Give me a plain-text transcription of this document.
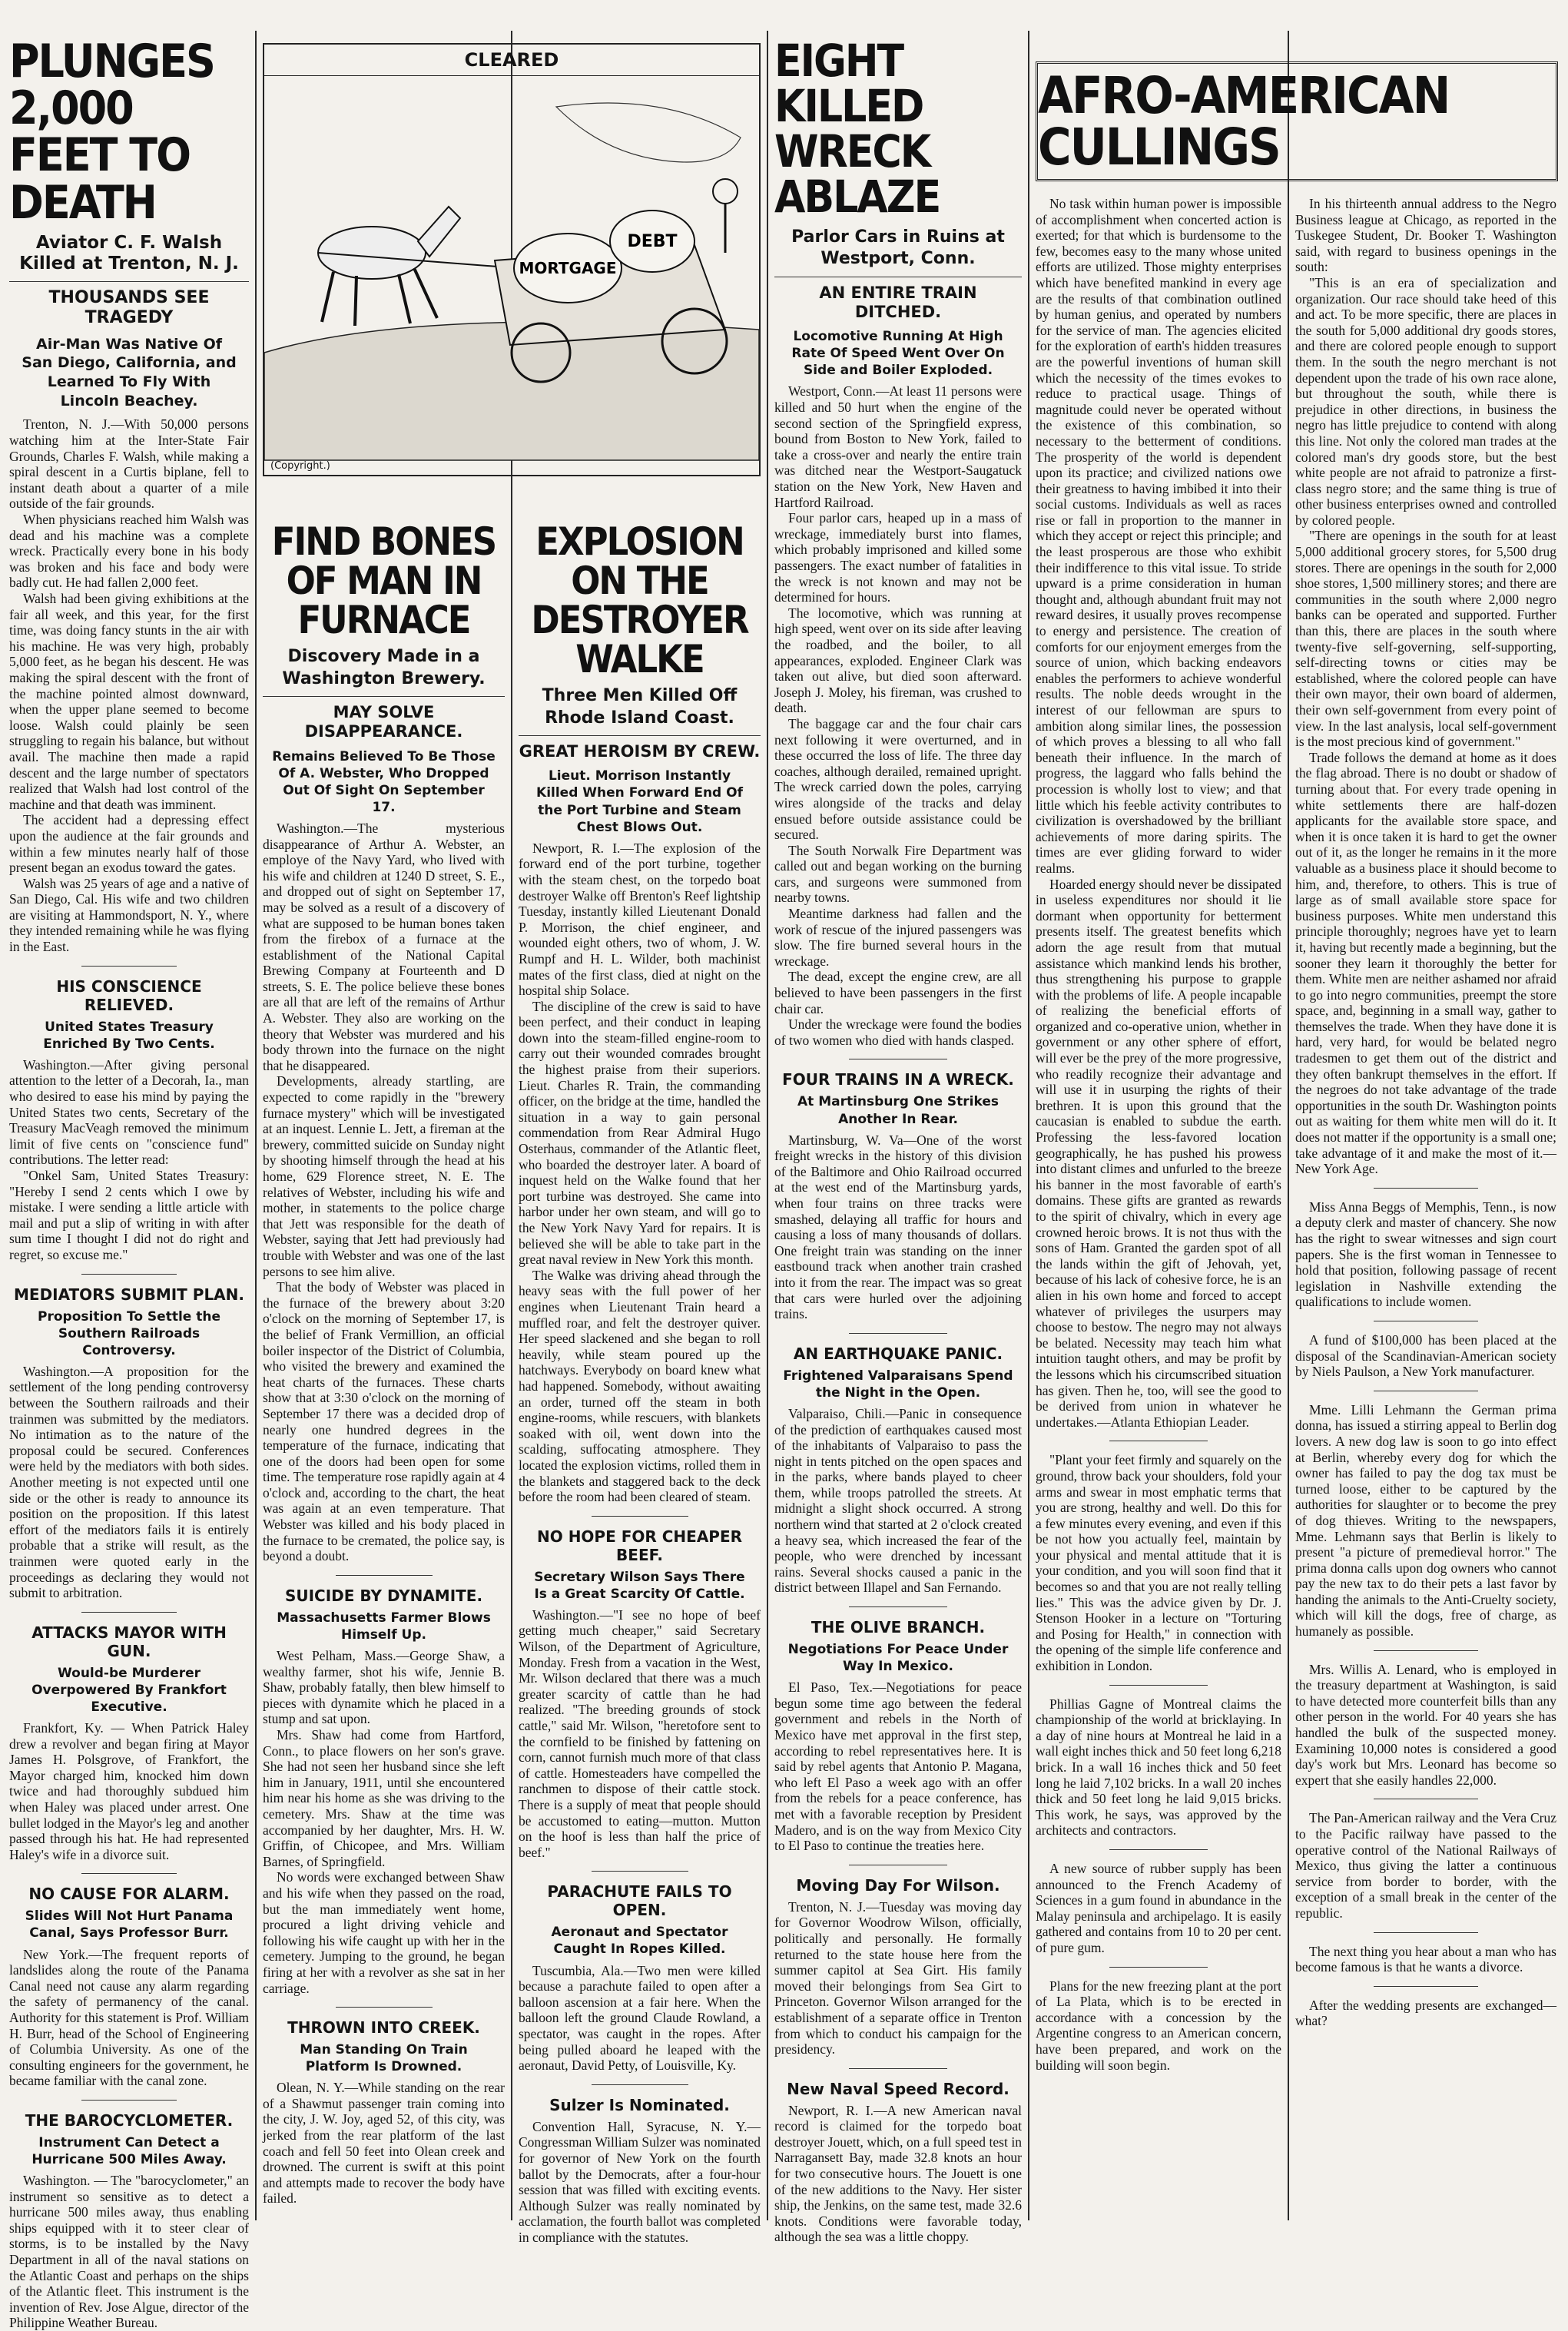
PLUNGES 2,000 FEET TO DEATH
Aviator C. F. Walsh Killed at Trenton, N. J.
THOUSANDS SEE TRAGEDY
Air-Man Was Native Of San Diego, California, and Learned To Fly With Lincoln Beachey.

Trenton, N. J.—With 50,000 persons watching him at the Inter-State Fair Grounds, Charles F. Walsh, while making a spiral descent in a Curtis biplane, fell to instant death about a quarter of a mile outside of the fair grounds.

When physicians reached him Walsh was dead and his machine was a complete wreck. Practically every bone in his body was broken and his face and body were badly cut. He had fallen 2,000 feet.

Walsh had been giving exhibitions at the fair all week, and this year, for the first time, was doing fancy stunts in the air with his machine. He was very high, probably 5,000 feet, as he began his descent. He was making the spiral descent with the front of the machine pointed almost downward, when the upper plane seemed to become loose. Walsh could plainly be seen struggling to regain his balance, but without avail. The machine then made a rapid descent and the large number of spectators realized that Walsh had lost control of the machine and that death was imminent.

The accident had a depressing effect upon the audience at the fair grounds and within a few minutes nearly half of those present began an exodus toward the gates.

Walsh was 25 years of age and a native of San Diego, Cal. His wife and two children are visiting at Hammondsport, N. Y., where they intended remaining while he was flying in the East.

HIS CONSCIENCE RELIEVED.
United States Treasury Enriched By Two Cents.

Washington.—After giving personal attention to the letter of a Decorah, Ia., man who desired to ease his mind by paying the United States two cents, Secretary of the Treasury MacVeagh removed the minimum limit of five cents on "conscience fund" contributions. The letter read:

"Onkel Sam, United States Treasury: "Hereby I send 2 cents which I owe by mistake. I were sending a little article with mail and put a slip of writing in with after sum time I thought I did not do right and regret, so excuse me."

MEDIATORS SUBMIT PLAN.
Proposition To Settle the Southern Railroads Controversy.

Washington.—A proposition for the settlement of the long pending controversy between the Southern railroads and their trainmen was submitted by the mediators. No intimation as to the nature of the proposal could be secured. Conferences were held by the mediators with both sides. Another meeting is not expected until one side or the other is ready to announce its position on the proposition. If this latest effort of the mediators fails it is entirely probable that a strike will result, as the trainmen were quoted early in the proceedings as declaring they would not submit to arbitration.

ATTACKS MAYOR WITH GUN.
Would-be Murderer Overpowered By Frankfort Executive.

Frankfort, Ky. — When Patrick Haley drew a revolver and began firing at Mayor James H. Polsgrove, of Frankfort, the Mayor charged him, knocked him down twice and had thoroughly subdued him when Haley was placed under arrest. One bullet lodged in the Mayor's leg and another passed through his hat. He had represented Haley's wife in a divorce suit.

NO CAUSE FOR ALARM.
Slides Will Not Hurt Panama Canal, Says Professor Burr.

New York.—The frequent reports of landslides along the route of the Panama Canal need not cause any alarm regarding the safety of permanency of the canal. Authority for this statement is Prof. William H. Burr, head of the School of Engineering of Columbia University. As one of the consulting engineers for the government, he became familiar with the canal zone.

THE BAROCYCLOMETER.
Instrument Can Detect a Hurricane 500 Miles Away.

Washington. — The "barocyclometer," an instrument so sensitive as to detect a hurricane 500 miles away, thus enabling ships equipped with it to steer clear of storms, is to be installed by the Navy Department in all of the naval stations on the Atlantic Coast and perhaps on the ships of the Atlantic fleet. This instrument is the invention of Rev. Jose Algue, director of the Philippine Weather Bureau.

CLEARED
MORTGAGE
DEBT
(Copyright.)
FIND BONES OF MAN IN FURNACE
Discovery Made in a Washington Brewery.
MAY SOLVE DISAPPEARANCE.
Remains Believed To Be Those Of A. Webster, Who Dropped Out Of Sight On September 17.

Washington.—The mysterious disappearance of Arthur A. Webster, an employe of the Navy Yard, who lived with his wife and children at 1240 D street, S. E., and dropped out of sight on September 17, may be solved as a result of a discovery of what are supposed to be human bones taken from the firebox of a furnace at the establishment of the National Capital Brewing Company at Fourteenth and D streets, S. E. The police believe these bones are all that are left of the remains of Arthur A. Webster. They also are working on the theory that Webster was murdered and his body thrown into the furnace on the night that he disappeared.

Developments, already startling, are expected to come rapidly in the "brewery furnace mystery" which will be investigated at an inquest. Lennie L. Jett, a fireman at the brewery, committed suicide on Sunday night by shooting himself through the head at his home, 629 Florence street, N. E. The relatives of Webster, including his wife and mother, in statements to the police charge that Jett was responsible for the death of Webster, saying that Jett had previously had trouble with Webster and was one of the last persons to see him alive.

That the body of Webster was placed in the furnace of the brewery about 3:20 o'clock on the morning of September 17, is the belief of Frank Vermillion, an official boiler inspector of the District of Columbia, who visited the brewery and examined the heat charts of the furnaces. These charts show that at 3:30 o'clock on the morning of September 17 there was a decided drop of nearly one hundred degrees in the temperature of the furnace, indicating that one of the doors had been open for some time. The temperature rose rapidly again at 4 o'clock and, according to the chart, the heat was again at an even temperature. That Webster was killed and his body placed in the furnace to be cremated, the police say, is beyond a doubt.

SUICIDE BY DYNAMITE.
Massachusetts Farmer Blows Himself Up.

West Pelham, Mass.—George Shaw, a wealthy farmer, shot his wife, Jennie B. Shaw, probably fatally, then blew himself to pieces with dynamite which he placed in a stump and sat upon.

Mrs. Shaw had come from Hartford, Conn., to place flowers on her son's grave. She had not seen her husband since she left him in January, 1911, until she encountered him near his home as she was driving to the cemetery. Mrs. Shaw at the time was accompanied by her daughter, Mrs. H. W. Griffin, of Chicopee, and Mrs. William Barnes, of Springfield.

No words were exchanged between Shaw and his wife when they passed on the road, but the man immediately went home, procured a light driving vehicle and following his wife caught up with her in the cemetery. Jumping to the ground, he began firing at her with a revolver as she sat in her carriage.

THROWN INTO CREEK.
Man Standing On Train Platform Is Drowned.

Olean, N. Y.—While standing on the rear of a Shawmut passenger train coming into the city, J. W. Joy, aged 52, of this city, was jerked from the rear platform of the last coach and fell 50 feet into Olean creek and drowned. The current is swift at this point and attempts made to recover the body have failed.

EXPLOSION ON THE DESTROYER WALKE
Three Men Killed Off Rhode Island Coast.
GREAT HEROISM BY CREW.
Lieut. Morrison Instantly Killed When Forward End Of the Port Turbine and Steam Chest Blows Out.

Newport, R. I.—The explosion of the forward end of the port turbine, together with the steam chest, on the torpedo boat destroyer Walke off Brenton's Reef lightship Tuesday, instantly killed Lieutenant Donald P. Morrison, the chief engineer, and wounded eight others, two of whom, J. W. Rumpf and H. L. Wilder, both machinist mates of the first class, died at night on the hospital ship Solace.

The discipline of the crew is said to have been perfect, and their conduct in leaping down into the steam-filled engine-room to carry out their wounded comrades brought the highest praise from their superiors. Lieut. Charles R. Train, the commanding officer, on the bridge at the time, handled the situation in a way to gain personal commendation from Rear Admiral Hugo Osterhaus, commander of the Atlantic fleet, who boarded the destroyer later. A board of inquest held on the Walke found that her port turbine was destroyed. She came into harbor under her own steam, and will go to the New York Navy Yard for repairs. It is believed she will be able to take part in the great naval review in New York this month.

The Walke was driving ahead through the heavy seas with the full power of her engines when Lieutenant Train heard a muffled roar, and felt the destroyer quiver. Her speed slackened and she began to roll heavily, while steam poured up the hatchways. Everybody on board knew what had happened. Somebody, without awaiting an order, turned off the steam in both engine-rooms, while rescuers, with blankets soaked with oil, went down into the scalding, suffocating atmosphere. They located the explosion victims, rolled them in the blankets and staggered back to the deck before the room had been cleared of steam.

NO HOPE FOR CHEAPER BEEF.
Secretary Wilson Says There Is a Great Scarcity Of Cattle.

Washington.—"I see no hope of beef getting much cheaper," said Secretary Wilson, of the Department of Agriculture, Monday. Fresh from a vacation in the West, Mr. Wilson declared that there was a much greater scarcity of cattle than he had realized. "The breeding grounds of stock cattle," said Mr. Wilson, "heretofore sent to the cornfield to be finished by fattening on corn, cannot furnish much more of that class of cattle. Homesteaders have compelled the ranchmen to dispose of their cattle stock. There is a supply of meat that people should be accustomed to eating—mutton. Mutton on the hoof is less than half the price of beef."

PARACHUTE FAILS TO OPEN.
Aeronaut and Spectator Caught In Ropes Killed.

Tuscumbia, Ala.—Two men were killed because a parachute failed to open after a balloon ascension at a fair here. When the balloon left the ground Claude Rowland, a spectator, was caught in the ropes. After being pulled aboard he leaped with the aeronaut, David Petty, of Louisville, Ky.

Sulzer Is Nominated.

Convention Hall, Syracuse, N. Y.—Congressman William Sulzer was nominated for governor of New York on the fourth ballot by the Democrats, after a four-hour session that was filled with exciting events. Although Sulzer was really nominated by acclamation, the fourth ballot was completed in compliance with the statutes.

EIGHT KILLED WRECK ABLAZE
Parlor Cars in Ruins at Westport, Conn.
AN ENTIRE TRAIN DITCHED.
Locomotive Running At High Rate Of Speed Went Over On Side and Boiler Exploded.

Westport, Conn.—At least 11 persons were killed and 50 hurt when the engine of the second section of the Springfield express, bound from Boston to New York, failed to take a cross-over and nearly the entire train was ditched near the Westport-Saugatuck station on the New York, New Haven and Hartford Railroad.

Four parlor cars, heaped up in a mass of wreckage, immediately burst into flames, which probably imprisoned and killed some passengers. The exact number of fatalities in the wreck is not known and may not be determined for hours.

The locomotive, which was running at high speed, went over on its side after leaving the roadbed, and the boiler, to all appearances, exploded. Engineer Clark was taken out alive, but died soon afterward. Joseph J. Moley, his fireman, was crushed to death.

The baggage car and the four chair cars next following it were overturned, and in these occurred the loss of life. The three day coaches, although derailed, remained upright. The wreck carried down the poles, carrying wires alongside of the tracks and delay ensued before outside assistance could be secured.

The South Norwalk Fire Department was called out and began working on the burning cars, and surgeons were summoned from nearby towns.

Meantime darkness had fallen and the work of rescue of the injured passengers was slow. The fire burned several hours in the wreckage.

The dead, except the engine crew, are all believed to have been passengers in the first chair car.

Under the wreckage were found the bodies of two women who died with hands clasped.

FOUR TRAINS IN A WRECK.
At Martinsburg One Strikes Another In Rear.

Martinsburg, W. Va—One of the worst freight wrecks in the history of this division of the Baltimore and Ohio Railroad occurred at the west end of the Martinsburg yards, when four trains on three tracks were smashed, delaying all traffic for hours and causing a loss of many thousands of dollars. One freight train was standing on the inner eastbound track when another train crashed into it from the rear. The impact was so great that cars were hurled over the adjoining trains.

AN EARTHQUAKE PANIC.
Frightened Valparaisans Spend the Night in the Open.

Valparaiso, Chili.—Panic in consequence of the prediction of earthquakes caused most of the inhabitants of Valparaiso to pass the night in tents pitched on the open spaces and in the parks, where bands played to cheer them, while troops patrolled the streets. At midnight a slight shock occurred. A strong northern wind that started at 2 o'clock created a heavy sea, which increased the fear of the people, who were drenched by incessant rains. Several shocks caused a panic in the district between Illapel and San Fernando.

THE OLIVE BRANCH.
Negotiations For Peace Under Way In Mexico.

El Paso, Tex.—Negotiations for peace begun some time ago between the federal government and rebels in the North of Mexico have met approval in the first step, according to rebel representatives here. It is said by rebel agents that Antonio P. Magana, who left El Paso a week ago with an offer from the rebels for a peace conference, has met with a favorable reception by President Madero, and is on the way from Mexico City to El Paso to continue the treaties here.

Moving Day For Wilson.

Trenton, N. J.—Tuesday was moving day for Governor Woodrow Wilson, officially, politically and personally. He formally returned to the state house here from the summer capitol at Sea Girt. His family moved their belongings from Sea Girt to Princeton. Governor Wilson arranged for the establishment of a separate office in Trenton from which to conduct his campaign for the presidency.

New Naval Speed Record.

Newport, R. I.—A new American naval record is claimed for the torpedo boat destroyer Jouett, which, on a full speed test in Narragansett Bay, made 32.8 knots an hour for two consecutive hours. The Jouett is one of the new additions to the Navy. Her sister ship, the Jenkins, on the same test, made 32.6 knots. Conditions were favorable today, although the sea was a little choppy.

AFRO-AMERICAN CULLINGS

No task within human power is impossible of accomplishment when concerted action is exerted; for that which is burdensome to the few, becomes easy to the many whose united efforts are utilized. Those mighty enterprises which have benefited mankind in every age are the results of that combination outlined by human genius, and operated by numbers for the service of man. The agencies elicited for the exploration of earth's hidden treasures are the powerful inventions of human skill which the necessity of the times evokes to reduce to practical usage. Things of magnitude could never be operated without the existence of this combination, so necessary to the betterment of conditions. The prosperity of the world is dependent upon its practice; and civilized nations owe their greatness to having imbibed it into their social customs. Individuals as well as races rise or fall in proportion to the manner in which they accept or reject this principle; and the least prosperous are those who exhibit their indifference to this vital issue. To stride upward is a prime consideration in human thought and, although abundant fruit may not reward desires, it usually proves recompense to energy and persistence. The creation of comforts for our enjoyment emerges from the source of union, which backing endeavors enables the performers to achieve wonderful results. The noble deeds wrought in the interest of our fellowman are spurs to ambition along similar lines, the possession of which proves a blessing to all who fall beneath their influence. In the march of progress, the laggard who falls behind the procession is wholly lost to view; and that little which his feeble activity contributes to civilization is overshadowed by the brilliant achievements of more daring spirits. The times are ever gliding forward to wider realms.

Hoarded energy should never be dissipated in useless expenditures nor should it lie dormant when opportunity for betterment presents itself. The greatest benefits which adorn the age result from that mutual assistance which mankind lends his brother, thus strengthening his purpose to grapple with the problems of life. A people incapable of realizing the beneficial efforts of organized and co-operative union, whether in government or any other sphere of effort, will ever be the prey of the more progressive, who readily recognize their advantage and will use it in usurping the rights of their brethren. It is upon this ground that the caucasian is enabled to subdue the earth. Professing the less-favored location geographically, he has pushed his prowess into distant climes and unfurled to the breeze his banner in the most favorable of earth's domains. These gifts are granted as rewards to the spirit of chivalry, which in every age crowned heroic brows. It is not thus with the sons of Ham. Granted the garden spot of all the lands within the gift of Jehovah, yet, because of his lack of cohesive force, he is an alien in his own home and forced to accept whatever of privileges the usurpers may choose to bestow. The negro may not always be belated. Necessity may teach him what intuition taught others, and may be profit by the lessons which his circumscribed situation has given. Then he, too, will see the good to be derived from union in whatever he undertakes.—Atlanta Ethiopian Leader.

"Plant your feet firmly and squarely on the ground, throw back your shoulders, fold your arms and swear in most emphatic terms that you are strong, healthy and well. Do this for a few minutes every evening, and even if this be not how you actually feel, maintain by your physical and mental attitude that it is your condition, and you will soon find that it becomes so and that you are not really telling lies." This was the advice given by Dr. J. Stenson Hooker in a lecture on "Torturing and Posing for Health," in connection with the opening of the simple life conference and exhibition in London.

Phillias Gagne of Montreal claims the championship of the world at bricklaying. In a day of nine hours at Montreal he laid in a wall eight inches thick and 50 feet long 6,218 brick. In a wall 16 inches thick and 50 feet long he laid 7,102 bricks. In a wall 20 inches thick and 50 feet long he laid 9,015 bricks. This work, he says, was approved by the architects and contractors.

A new source of rubber supply has been announced to the French Academy of Sciences in a gum found in abundance in the Malay peninsula and archipelago. It is easily gathered and contains from 10 to 20 per cent. of pure gum.

Plans for the new freezing plant at the port of La Plata, which is to be erected in accordance with a concession by the Argentine congress to an American concern, have been prepared, and work on the building will soon begin.

In his thirteenth annual address to the Negro Business league at Chicago, as reported in the Tuskegee Student, Dr. Booker T. Washington said, with regard to business openings in the south:

"This is an era of specialization and organization. Our race should take heed of this and act. To be more specific, there are places in the south for 5,000 additional dry goods stores, and there are colored people enough to support them. In the south the negro merchant is not dependent upon the trade of his own race alone, but throughout the south, while there is prejudice in other directions, in business the negro has little prejudice to contend with along this line. Not only the colored man trades at the colored man's dry goods store, but the best white people are not afraid to patronize a first-class negro store; and the same thing is true of other business enterprises owned and controlled by colored people.

"There are openings in the south for at least 5,000 additional grocery stores, for 5,500 drug stores. There are openings in the south for 2,000 shoe stores, 1,500 millinery stores; and there are communities in the south where 2,000 negro banks can be operated and supported. Further than this, there are places in the south where twenty-five self-governing, self-supporting, self-directing towns or cities may be established, where the colored people can have their own mayor, their own board of aldermen, their own self-government from every point of view. In the last analysis, local self-government is the most precious kind of government."

Trade follows the demand at home as it does the flag abroad. There is no doubt or shadow of turning about that. For every trade opening in white settlements there are half-dozen applicants for the available store space, and when it is once taken it is hard to get the owner out of it, as the longer he remains in it the more valuable as a business place it should become to him, and, therefore, to others. This is true of large as of small available store space for business purposes. White men understand this principle thoroughly; negroes have yet to learn it, having but recently made a beginning, but the sooner they learn it thoroughly the better for them. White men are neither ashamed nor afraid to go into negro communities, preempt the store space, and, beginning in a small way, gather to themselves the trade. When they have done it is hard, very hard, for would be belated negro tradesmen to get them out of the district and they often bankrupt themselves in the effort. If the negroes do not take advantage of the trade opportunities in the south Dr. Washington points out as waiting for them white men will do it. It does not matter if the opportunity is a small one; take advantage of it and make the most of it.—New York Age.

Miss Anna Beggs of Memphis, Tenn., is now a deputy clerk and master of chancery. She now has the right to swear witnesses and sign court papers. She is the first woman in Tennessee to hold that position, following passage of recent legislation in Nashville extending the qualifications to include women.

A fund of $100,000 has been placed at the disposal of the Scandinavian-American society by Niels Paulson, a New York manufacturer.

Mme. Lilli Lehmann the German prima donna, has issued a stirring appeal to Berlin dog lovers. A new dog law is soon to go into effect at Berlin, whereby every dog for which the owner has failed to pay the dog tax must be turned loose, either to be captured by the authorities for slaughter or to become the prey of dog thieves. Writing to the newspapers, Mme. Lehmann says that Berlin is likely to present "a picture of premedieval horror." The prima donna calls upon dog owners who cannot pay the new tax to do their pets a last favor by handing the animals to the Anti-Cruelty society, which will kill the dogs, free of charge, as humanely as possible.

Mrs. Willis A. Lenard, who is employed in the treasury department at Washington, is said to have detected more counterfeit bills than any other person in the world. For 40 years she has handled the bulk of the suspected money. Examining 10,000 notes is considered a good day's work but Mrs. Leonard has become so expert that she easily handles 22,000.

The Pan-American railway and the Vera Cruz to the Pacific railway have passed to the operative control of the National Railways of Mexico, thus giving the latter a continuous service from border to border, with the exception of a small break in the center of the republic.

The next thing you hear about a man who has become famous is that he wants a divorce.

After the wedding presents are exchanged—what?
